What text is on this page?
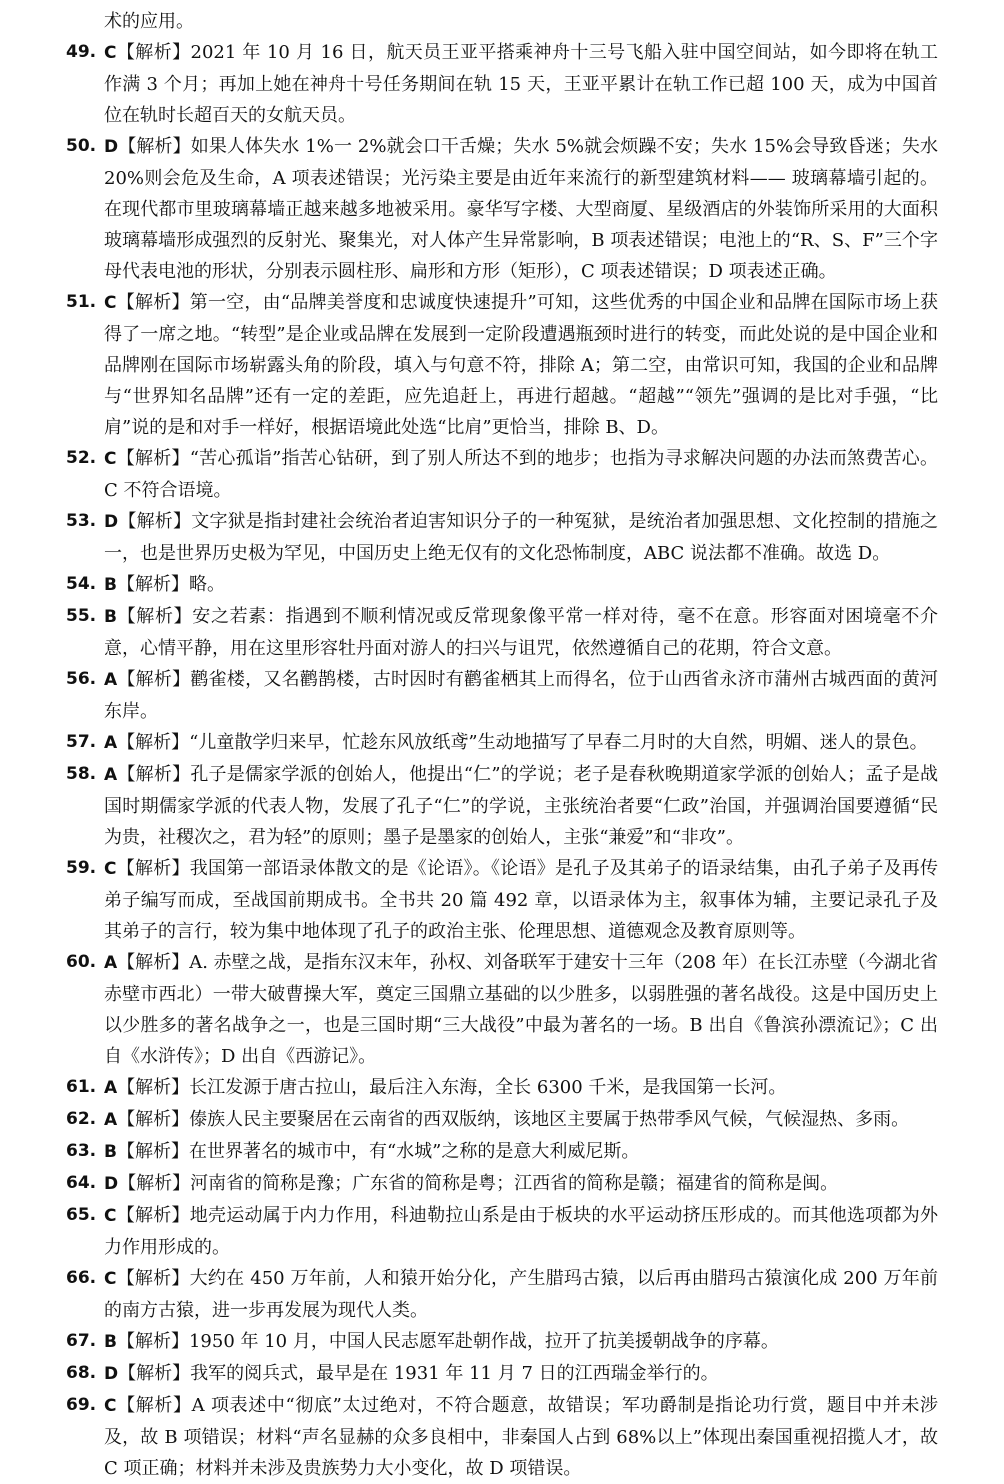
术的应用。

49. C【解析】2021 年 10 月 16 日，航天员王亚平搭乘神舟十三号飞船入驻中国空间站，如今即将在轨工作满 3 个月；再加上她在神舟十号任务期间在轨 15 天，王亚平累计在轨工作已超 100 天，成为中国首位在轨时长超百天的女航天员。
50. D【解析】如果人体失水 1%一 2%就会口干舌燥；失水 5%就会烦躁不安；失水 15%会导致昏迷；失水 20%则会危及生命，A 项表述错误；光污染主要是由近年来流行的新型建筑材料—— 玻璃幕墙引起的。在现代都市里玻璃幕墙正越来越多地被采用。豪华写字楼、大型商厦、星级酒店的外装饰所采用的大面积玻璃幕墙形成强烈的反射光、聚集光，对人体产生异常影响，B 项表述错误；电池上的“R、S、F”三个字母代表电池的形状，分别表示圆柱形、扁形和方形（矩形），C 项表述错误；D 项表述正确。
51. C【解析】第一空，由“品牌美誉度和忠诚度快速提升”可知，这些优秀的中国企业和品牌在国际市场上获得了一席之地。“转型”是企业或品牌在发展到一定阶段遭遇瓶颈时进行的转变，而此处说的是中国企业和品牌刚在国际市场崭露头角的阶段，填入与句意不符，排除 A；第二空，由常识可知，我国的企业和品牌与“世界知名品牌”还有一定的差距，应先追赶上，再进行超越。“超越”“领先”强调的是比对手强，“比肩”说的是和对手一样好，根据语境此处选“比肩”更恰当，排除 B、D。
52. C【解析】“苦心孤诣”指苦心钻研，到了别人所达不到的地步；也指为寻求解决问题的办法而煞费苦心。C 不符合语境。
53. D【解析】文字狱是指封建社会统治者迫害知识分子的一种冤狱，是统治者加强思想、文化控制的措施之一，也是世界历史极为罕见，中国历史上绝无仅有的文化恐怖制度，ABC 说法都不准确。故选 D。
54. B【解析】略。
55. B【解析】安之若素：指遇到不顺利情况或反常现象像平常一样对待，毫不在意。形容面对困境毫不介意，心情平静，用在这里形容牡丹面对游人的扫兴与诅咒，依然遵循自己的花期，符合文意。
56. A【解析】鹳雀楼，又名鹳鹊楼，古时因时有鹳雀栖其上而得名，位于山西省永济市蒲州古城西面的黄河东岸。
57. A【解析】“儿童散学归来早，忙趁东风放纸鸢”生动地描写了早春二月时的大自然，明媚、迷人的景色。
58. A【解析】孔子是儒家学派的创始人，他提出“仁”的学说；老子是春秋晚期道家学派的创始人；孟子是战国时期儒家学派的代表人物，发展了孔子“仁”的学说，主张统治者要“仁政”治国，并强调治国要遵循“民为贵，社稷次之，君为轻”的原则；墨子是墨家的创始人，主张“兼爱”和“非攻”。
59. C【解析】我国第一部语录体散文的是《论语》。《论语》是孔子及其弟子的语录结集，由孔子弟子及再传弟子编写而成，至战国前期成书。全书共 20 篇 492 章，以语录体为主，叙事体为辅，主要记录孔子及其弟子的言行，较为集中地体现了孔子的政治主张、伦理思想、道德观念及教育原则等。
60. A【解析】A. 赤壁之战，是指东汉末年，孙权、刘备联军于建安十三年（208 年）在长江赤壁（今湖北省赤壁市西北）一带大破曹操大军，奠定三国鼎立基础的以少胜多，以弱胜强的著名战役。这是中国历史上以少胜多的著名战争之一，也是三国时期“三大战役”中最为著名的一场。B 出自《鲁滨孙漂流记》；C 出自《水浒传》；D 出自《西游记》。
61. A【解析】长江发源于唐古拉山，最后注入东海，全长 6300 千米，是我国第一长河。
62. A【解析】傣族人民主要聚居在云南省的西双版纳，该地区主要属于热带季风气候，气候湿热、多雨。
63. B【解析】在世界著名的城市中，有“水城”之称的是意大利威尼斯。
64. D【解析】河南省的简称是豫；广东省的简称是粤；江西省的简称是赣；福建省的简称是闽。
65. C【解析】地壳运动属于内力作用，科迪勒拉山系是由于板块的水平运动挤压形成的。而其他选项都为外力作用形成的。
66. C【解析】大约在 450 万年前，人和猿开始分化，产生腊玛古猿，以后再由腊玛古猿演化成 200 万年前的南方古猿，进一步再发展为现代人类。
67. B【解析】1950 年 10 月，中国人民志愿军赴朝作战，拉开了抗美援朝战争的序幕。
68. D【解析】我军的阅兵式，最早是在 1931 年 11 月 7 日的江西瑞金举行的。
69. C【解析】A 项表述中“彻底”太过绝对，不符合题意，故错误；军功爵制是指论功行赏，题目中并未涉及，故 B 项错误；材料“声名显赫的众多良相中，非秦国人占到 68%以上”体现出秦国重视招揽人才，故 C 项正确；材料并未涉及贵族势力大小变化，故 D 项错误。
